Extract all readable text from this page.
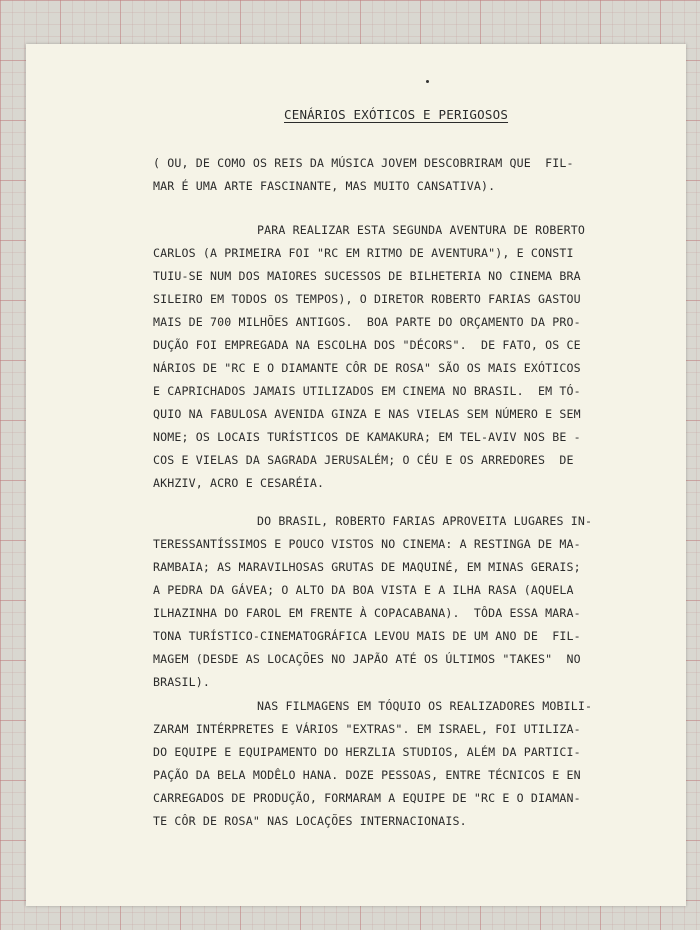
CENÁRIOS EXÓTICOS E PERIGOSOS
( OU, DE COMO OS REIS DA MÚSICA JOVEM DESCOBRIRAM QUE  FIL-
MAR É UMA ARTE FASCINANTE, MAS MUITO CANSATIVA).
PARA REALIZAR ESTA SEGUNDA AVENTURA DE ROBERTO
CARLOS (A PRIMEIRA FOI "RC EM RITMO DE AVENTURA"), E CONSTI
TUIU-SE NUM DOS MAIORES SUCESSOS DE BILHETERIA NO CINEMA BRA
SILEIRO EM TODOS OS TEMPOS), O DIRETOR ROBERTO FARIAS GASTOU
MAIS DE 700 MILHÕES ANTIGOS.  BOA PARTE DO ORÇAMENTO DA PRO-
DUÇÃO FOI EMPREGADA NA ESCOLHA DOS "DÉCORS".  DE FATO, OS CE
NÁRIOS DE "RC E O DIAMANTE CÔR DE ROSA" SÃO OS MAIS EXÓTICOS
E CAPRICHADOS JAMAIS UTILIZADOS EM CINEMA NO BRASIL.  EM TÓ-
QUIO NA FABULOSA AVENIDA GINZA E NAS VIELAS SEM NÚMERO E SEM
NOME; OS LOCAIS TURÍSTICOS DE KAMAKURA; EM TEL-AVIV NOS BE -
COS E VIELAS DA SAGRADA JERUSALÉM; O CÉU E OS ARREDORES  DE
AKHZIV, ACRO E CESARÉIA.
DO BRASIL, ROBERTO FARIAS APROVEITA LUGARES IN-
TERESSANTÍSSIMOS E POUCO VISTOS NO CINEMA: A RESTINGA DE MA-
RAMBAIA; AS MARAVILHOSAS GRUTAS DE MAQUINÉ, EM MINAS GERAIS;
A PEDRA DA GÁVEA; O ALTO DA BOA VISTA E A ILHA RASA (AQUELA
ILHAZINHA DO FAROL EM FRENTE À COPACABANA).  TÔDA ESSA MARA-
TONA TURÍSTICO-CINEMATOGRÁFICA LEVOU MAIS DE UM ANO DE  FIL-
MAGEM (DESDE AS LOCAÇÕES NO JAPÃO ATÉ OS ÚLTIMOS "TAKES"  NO
BRASIL).
NAS FILMAGENS EM TÓQUIO OS REALIZADORES MOBILI-
ZARAM INTÉRPRETES E VÁRIOS "EXTRAS". EM ISRAEL, FOI UTILIZA-
DO EQUIPE E EQUIPAMENTO DO HERZLIA STUDIOS, ALÉM DA PARTICI-
PAÇÃO DA BELA MODÊLO HANA. DOZE PESSOAS, ENTRE TÉCNICOS E EN
CARREGADOS DE PRODUÇÃO, FORMARAM A EQUIPE DE "RC E O DIAMAN-
TE CÔR DE ROSA" NAS LOCAÇÕES INTERNACIONAIS.
